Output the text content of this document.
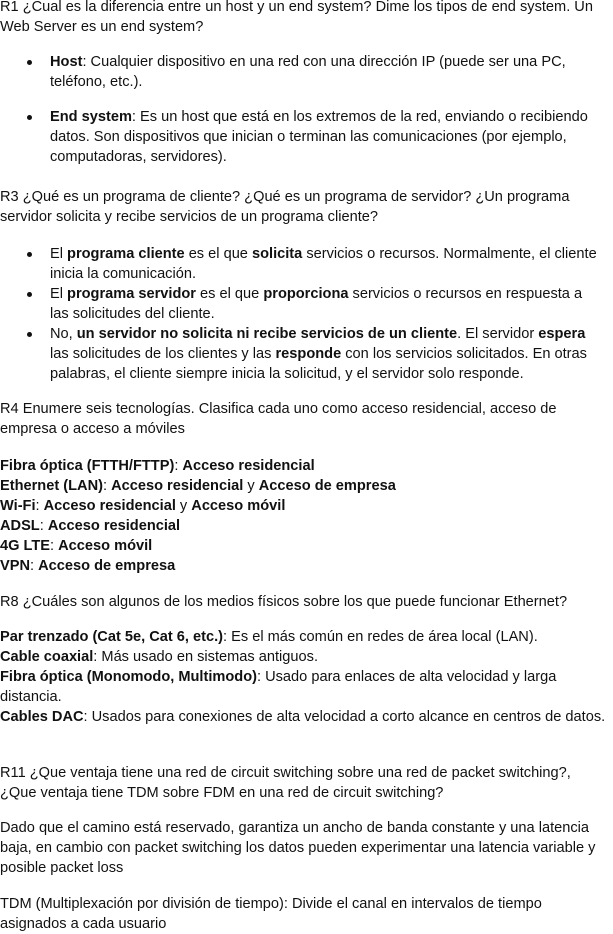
R1 ¿Cual es la diferencia entre un host y un end system? Dime los tipos de end system. Un Web Server es un end system?

Host: Cualquier dispositivo en una red con una dirección IP (puede ser una PC, teléfono, etc.).
End system: Es un host que está en los extremos de la red, enviando o recibiendo datos. Son dispositivos que inician o terminan las comunicaciones (por ejemplo, computadoras, servidores).

R3 ¿Qué es un programa de cliente? ¿Qué es un programa de servidor? ¿Un programa servidor solicita y recibe servicios de un programa cliente?

El programa cliente es el que solicita servicios o recursos. Normalmente, el cliente inicia la comunicación.
El programa servidor es el que proporciona servicios o recursos en respuesta a las solicitudes del cliente.
No, un servidor no solicita ni recibe servicios de un cliente. El servidor espera las solicitudes de los clientes y las responde con los servicios solicitados. En otras palabras, el cliente siempre inicia la solicitud, y el servidor solo responde.

R4 Enumere seis tecnologías. Clasifica cada uno como acceso residencial, acceso de empresa o acceso a móviles

Fibra óptica (FTTH/FTTP): Acceso residencial
Ethernet (LAN): Acceso residencial y Acceso de empresa
Wi-Fi: Acceso residencial y Acceso móvil
ADSL: Acceso residencial
4G LTE: Acceso móvil
VPN: Acceso de empresa

R8 ¿Cuáles son algunos de los medios físicos sobre los que puede funcionar Ethernet?

Par trenzado (Cat 5e, Cat 6, etc.): Es el más común en redes de área local (LAN).
Cable coaxial: Más usado en sistemas antiguos.
Fibra óptica (Monomodo, Multimodo): Usado para enlaces de alta velocidad y larga distancia.
Cables DAC: Usados para conexiones de alta velocidad a corto alcance en centros de datos.

R11 ¿Que ventaja tiene una red de circuit switching sobre una red de packet switching?, ¿Que ventaja tiene TDM sobre FDM en una red de circuit switching?

Dado que el camino está reservado, garantiza un ancho de banda constante y una latencia baja, en cambio con packet switching los datos pueden experimentar una latencia variable y posible packet loss

TDM (Multiplexación por división de tiempo): Divide el canal en intervalos de tiempo asignados a cada usuario
